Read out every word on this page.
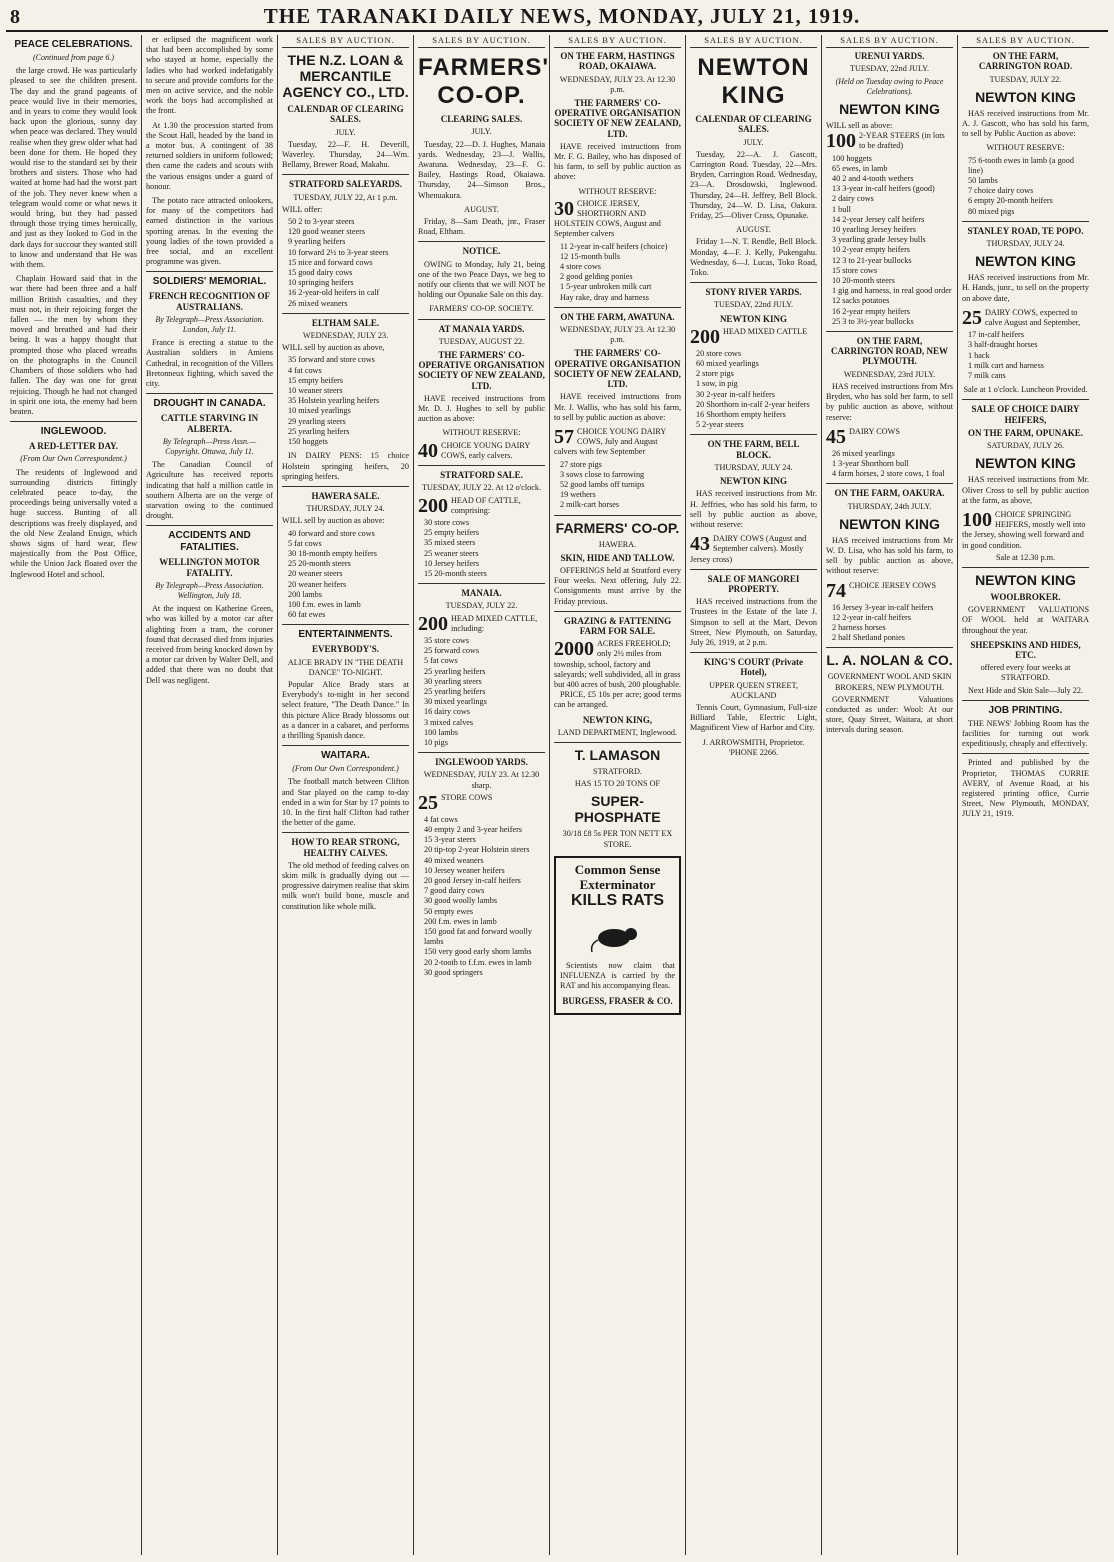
8	THE TARANAKI DAILY NEWS, MONDAY, JULY 21, 1919.
PEACE CELEBRATIONS.
(Continued from page 6.)

the large crowd. He was particularly pleased to see the children present. The day and the grand pageants of peace would live in their memories, and in years to come they would look back upon the glorious, sunny day when peace was declared. They would realise when they grew older what had been done for them. He hoped they would rise to the standard set by their brothers and sisters. Those who had waited at home had had the worst part of the job. They never knew when a telegram would come or what news it would bring, but they had passed through those trying times heroically, and just as they looked to God in the dark days for succour they wanted still to know and understand that He was with them.

Chaplain Howard said that in the war there had been three and a half million British casualties, and they must not, in their rejoicing forget the fallen — the men by whom they moved and breathed and had their being. It was a happy thought that prompted those who placed wreaths on the photographs in the Council Chambers of those soldiers who had fallen. The day was one for great rejoicing. Though he had not changed in spirit one iota, the enemy had been beaten.

INGLEWOOD.
A RED-LETTER DAY.
(From Our Own Correspondent.)

The residents of Inglewood and surrounding districts fittingly celebrated peace to-day, the proceedings being universally voted a huge success. Bunting of all descriptions was freely displayed, and the old New Zealand Ensign, which shows signs of hard wear, flew majestically from the Post Office, while the Union Jack floated over the Inglewood Hotel and school.

er eclipsed the magnificent work that had been accomplished by some who stayed at home, especially the ladies who had worked indefatigably to secure and provide comforts for the men on active service, and the noble work the boys had accomplished at the front.

At 1.30 the procession started from the Scout Hall, headed by the band in a motor bus. A contingent of 38 returned soldiers in uniform followed; then came the cadets and scouts with the various ensigns under a guard of honour.

The potato race attracted onlookers, for many of the competitors had earned distinction in the various sporting arenas. In the evening the young ladies of the town provided a free social, and an excellent programme was given.

SOLDIERS' MEMORIAL.
FRENCH RECOGNITION OF AUSTRALIANS.
By Telegraph—Press Association. London, July 11.

France is erecting a statue to the Australian soldiers in Amiens Cathedral, in recognition of the Villers Bretonneux fighting, which saved the city.

DROUGHT IN CANADA.
CATTLE STARVING IN ALBERTA.
By Telegraph—Press Assn.—Copyright. Ottawa, July 11.

The Canadian Council of Agriculture has received reports indicating that half a million cattle in southern Alberta are on the verge of starvation owing to the continued drought.

ACCIDENTS AND FATALITIES.
WELLINGTON MOTOR FATALITY.
By Telegraph—Press Association. Wellington, July 18.

At the inquest on Katherine Green, who was killed by a motor car after alighting from a tram, the coroner found that deceased died from injuries received from being knocked down by a motor car driven by Walter Dell, and added that there was no doubt that Dell was negligent.

SALES BY AUCTION.
THE N.Z. LOAN & MERCANTILE AGENCY CO., LTD.
CALENDAR OF CLEARING SALES.
JULY.

Tuesday, 22—F. H. Deverill, Waverley. Thursday, 24—Wm. Bellamy, Brewer Road, Makahu.

STRATFORD SALEYARDS.
TUESDAY, JULY 22, At 1 p.m.
WILL offer:
50 2 to 3-year steers
120 good weaner steers
9 yearling heifers
10 forward 2½ to 3-year steers
15 nice and forward cows
15 good dairy cows
10 springing heifers
16 2-year-old heifers in calf
26 mixed weaners
ELTHAM SALE.
WEDNESDAY, JULY 23.
WILL sell by auction as above,
35 forward and store cows
4 fat cows
15 empty heifers
10 weaner steers
35 Holstein yearling heifers
10 mixed yearlings
29 yearling steers
25 yearling heifers
150 hoggets

IN DAIRY PENS: 15 choice Holstein springing heifers, 20 springing heifers.

HAWERA SALE.
THURSDAY, JULY 24.
WILL sell by auction as above:
40 forward and store cows
5 fat cows
30 18-month empty heifers
25 20-month steers
20 weaner steers
20 weaner heifers
200 lambs
100 f.m. ewes in lamb
60 fat ewes
ENTERTAINMENTS.
EVERYBODY'S.
ALICE BRADY IN "THE DEATH DANCE" TO-NIGHT.

Popular Alice Brady stars at Everybody's to-night in her second select feature, "The Death Dance." In this picture Alice Brady blossoms out as a dancer in a cabaret, and performs a thrilling Spanish dance.

WAITARA.
(From Our Own Correspondent.)

The football match between Clifton and Star played on the camp to-day ended in a win for Star by 17 points to 10. In the first half Clifton had rather the better of the game.

HOW TO REAR STRONG, HEALTHY CALVES.

The old method of feeding calves on skim milk is gradually dying out — progressive dairymen realise that skim milk won't build bone, muscle and constitution like whole milk.

SALES BY AUCTION.
FARMERS' CO-OP.
CLEARING SALES.
JULY.

Tuesday, 22—D. J. Hughes, Manaia yards. Wednesday, 23—J. Wallis, Awatuna. Wednesday, 23—F. G. Bailey, Hastings Road, Okaiawa. Thursday, 24—Simson Bros., Whenuakura.

AUGUST.

Friday, 8—Sam Death, jnr., Fraser Road, Eltham.

NOTICE.

OWING to Monday, July 21, being one of the two Peace Days, we beg to notify our clients that we will NOT be holding our Opunake Sale on this day.

FARMERS' CO-OP. SOCIETY.
AT MANAIA YARDS.
TUESDAY, AUGUST 22.
THE FARMERS' CO-OPERATIVE ORGANISATION SOCIETY OF NEW ZEALAND, LTD.

HAVE received instructions from Mr. D. J. Hughes to sell by public auction as above:

WITHOUT RESERVE:
40 CHOICE YOUNG DAIRY COWS, early calvers.
STRATFORD SALE.
TUESDAY, JULY 22. At 12 o'clock.
200 HEAD OF CATTLE, comprising:
30 store cows
25 empty heifers
35 mixed steers
25 weaner steers
10 Jersey heifers
15 20-month steers
MANAIA.
TUESDAY, JULY 22.
200 HEAD MIXED CATTLE, including:
35 store cows
25 forward cows
5 fat cows
25 yearling heifers
30 yearling steers
25 yearling heifers
30 mixed yearlings
16 dairy cows
3 mixed calves
100 lambs
10 pigs
INGLEWOOD YARDS.
WEDNESDAY, JULY 23. At 12.30 sharp.
25 STORE COWS
4 fat cows
40 empty 2 and 3-year heifers
15 3-year steers
20 tip-top 2-year Holstein steers
40 mixed weaners
10 Jersey weaner heifers
20 good Jersey in-calf heifers
7 good dairy cows
30 good woolly lambs
50 empty ewes
200 f.m. ewes in lamb
150 good fat and forward woolly lambs
150 very good early shorn lambs
20 2-tooth to f.f.m. ewes in lamb
30 good springers
SALES BY AUCTION.
ON THE FARM, HASTINGS ROAD, OKAIAWA.
WEDNESDAY, JULY 23. At 12.30 p.m.
THE FARMERS' CO-OPERATIVE ORGANISATION SOCIETY OF NEW ZEALAND, LTD.

HAVE received instructions from Mr. F. G. Bailey, who has disposed of his farm, to sell by public auction as above:

WITHOUT RESERVE:
30 CHOICE JERSEY, SHORTHORN AND HOLSTEIN COWS, August and September calvers
11 2-year in-calf heifers (choice)
12 15-month bulls
4 store cows
2 good gelding ponies
1 5-year unbroken milk cart
Hay rake, dray and harness
ON THE FARM, AWATUNA.
WEDNESDAY, JULY 23. At 12.30 p.m.
THE FARMERS' CO-OPERATIVE ORGANISATION SOCIETY OF NEW ZEALAND, LTD.

HAVE received instructions from Mr. J. Wallis, who has sold his farm, to sell by public auction as above:

57 CHOICE YOUNG DAIRY COWS, July and August calvers with few September
27 store pigs
3 sows close to farrowing
52 good lambs off turnips
19 wethers
2 milk-cart horses
FARMERS' CO-OP.
HAWERA.
SKIN, HIDE AND TALLOW.

OFFERINGS held at Stratford every Four weeks. Next offering, July 22. Consignments must arrive by the Friday previous.

GRAZING & FATTENING FARM FOR SALE.
2000 ACRES FREEHOLD; only 2½ miles from township, school, factory and saleyards; well subdivided, all in grass but 400 acres of bush, 200 ploughable.

PRICE, £5 10s per acre; good terms can be arranged.

NEWTON KING,
LAND DEPARTMENT, Inglewood.
T. LAMASON
STRATFORD.
HAS 15 TO 20 TONS OF
SUPER-PHOSPHATE
30/18 £8 5s PER TON NETT EX STORE.
Common Sense
Exterminator
KILLS RATS

Scientists now claim that INFLUENZA is carried by the RAT and his accompanying fleas.

BURGESS, FRASER & CO.
SALES BY AUCTION.
NEWTON KING
CALENDAR OF CLEARING SALES.
JULY.

Tuesday, 22—A. J. Gascott, Carrington Road. Tuesday, 22—Mrs. Bryden, Carrington Road. Wednesday, 23—A. Drosdowski, Inglewood. Thursday, 24—H. Jeffrey, Bell Block. Thursday, 24—W. D. Lisa, Oakura. Friday, 25—Oliver Cross, Opunake.

AUGUST.

Friday 1—N. T. Rendle, Bell Block. Monday, 4—F. J. Kelly, Pukengahu. Wednesday, 6—J. Lucas, Toko Road, Toko.

STONY RIVER YARDS.
TUESDAY, 22nd JULY.
NEWTON KING
200 HEAD MIXED CATTLE
20 store cows
60 mixed yearlings
2 store pigs
1 sow, in pig
30 2-year in-calf heifers
20 Shorthorn in-calf 2-year heifers
16 Shorthorn empty heifers
5 2-year steers
ON THE FARM, BELL BLOCK.
THURSDAY, JULY 24.
NEWTON KING

HAS received instructions from Mr. H. Jeffries, who has sold his farm, to sell by public auction as above, without reserve:

43 DAIRY COWS (August and September calvers). Mostly Jersey cross)
SALE OF MANGOREI PROPERTY.

HAS received instructions from the Trustees in the Estate of the late J. Simpson to sell at the Mart, Devon Street, New Plymouth, on Saturday, July 26, 1919, at 2 p.m.

KING'S COURT (Private Hotel),
UPPER QUEEN STREET, AUCKLAND

Tennis Court, Gymnasium, Full-size Billiard Table, Electric Light, Magnificent View of Harbor and City.

J. ARROWSMITH, Proprietor. 'PHONE 2266.
SALES BY AUCTION.
URENUI YARDS.
TUESDAY, 22nd JULY.
(Held on Tuesday owing to Peace Celebrations).
NEWTON KING
WILL sell as above:
100 2-YEAR STEERS (in lots to be drafted)
100 hoggets
65 ewes, in lamb
40 2 and 4-tooth wethers
13 3-year in-calf heifers (good)
2 dairy cows
1 bull
14 2-year Jersey calf heifers
10 yearling Jersey heifers
3 yearling grade Jersey bulls
10 2-year empty heifers
12 3 to 21-year bullocks
15 store cows
10 20-month steers
1 gig and harness, in real good order
12 sacks potatoes
16 2-year empty heifers
25 3 to 3½-year bullocks
ON THE FARM, CARRINGTON ROAD, NEW PLYMOUTH.
WEDNESDAY, 23rd JULY.

HAS received instructions from Mrs Bryden, who has sold her farm, to sell by public auction as above, without reserve:

45 DAIRY COWS
26 mixed yearlings
1 3-year Shorthorn bull
4 farm horses, 2 store cows, 1 foal
ON THE FARM, OAKURA.
THURSDAY, 24th JULY.
NEWTON KING

HAS received instructions from Mr W. D. Lisa, who has sold his farm, to sell by public auction as above, without reserve:

74 CHOICE JERSEY COWS
16 Jersey 3-year in-calf heifers
12 2-year in-calf heifers
2 harness horses
2 half Shetland ponies
L. A. NOLAN & CO.
GOVERNMENT WOOL AND SKIN BROKERS, NEW PLYMOUTH.

GOVERNMENT Valuations conducted as under: Wool: At our store, Quay Street, Waitara, at short intervals during season.

SALES BY AUCTION.
ON THE FARM, CARRINGTON ROAD.
TUESDAY, JULY 22.
NEWTON KING

HAS received instructions from Mr. A. J. Gascott, who has sold his farm, to sell by Public Auction as above:

WITHOUT RESERVE:
75 6-tooth ewes in lamb (a good line)
50 lambs
7 choice dairy cows
6 empty 20-month heifers
80 mixed pigs
STANLEY ROAD, TE POPO.
THURSDAY, JULY 24.
NEWTON KING

HAS received instructions from Mr. H. Hands, junr., to sell on the property on above date,

25 DAIRY COWS, expected to calve August and September,
17 in-calf heifers
3 half-draught horses
1 hack
1 milk cart and harness
7 milk cans
Sale at 1 o'clock. Luncheon Provided.
SALE OF CHOICE DAIRY HEIFERS,
ON THE FARM, OPUNAKE.
SATURDAY, JULY 26.
NEWTON KING

HAS received instructions from Mr. Oliver Cross to sell by public auction at the farm, as above,

100 CHOICE SPRINGING HEIFERS, mostly well into the Jersey, showing well forward and in good condition.
Sale at 12.30 p.m.
NEWTON KING
WOOLBROKER.

GOVERNMENT VALUATIONS OF WOOL held at WAITARA throughout the year.

SHEEPSKINS AND HIDES, ETC.
offered every four weeks at STRATFORD.
Next Hide and Skin Sale—July 22.
JOB PRINTING.

THE NEWS' Jobbing Room has the facilities for turning out work expeditiously, cheaply and effectively.

Printed and published by the Proprietor, THOMAS CURRIE AVERY, of Avenue Road, at his registered printing office, Currie Street, New Plymouth, MONDAY, JULY 21, 1919.
